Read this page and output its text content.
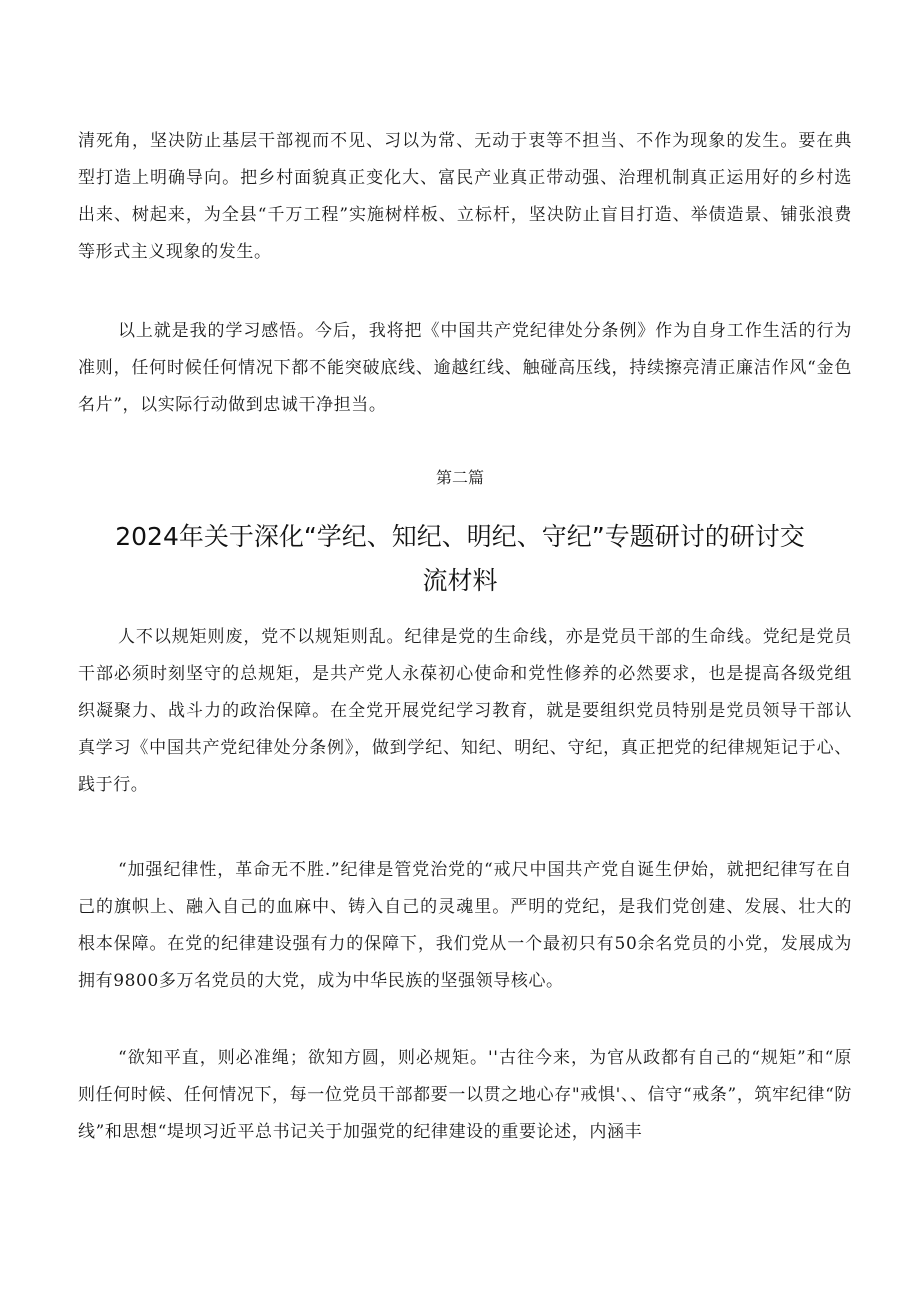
清死角，坚决防止基层干部视而不见、习以为常、无动于衷等不担当、不作为现象的发生。要在典型打造上明确导向。把乡村面貌真正变化大、富民产业真正带动强、治理机制真正运用好的乡村选出来、树起来，为全县“千万工程”实施树样板、立标杆，坚决防止盲目打造、举债造景、铺张浪费等形式主义现象的发生。

以上就是我的学习感悟。今后，我将把《中国共产党纪律处分条例》作为自身工作生活的行为准则，任何时候任何情况下都不能突破底线、逾越红线、触碰高压线，持续擦亮清正廉洁作风“金色名片”，以实际行动做到忠诚干净担当。

第二篇

2024年关于深化“学纪、知纪、明纪、守纪”专题研讨的研讨交流材料

人不以规矩则废，党不以规矩则乱。纪律是党的生命线，亦是党员干部的生命线。党纪是党员干部必须时刻坚守的总规矩，是共产党人永葆初心使命和党性修养的必然要求，也是提高各级党组织凝聚力、战斗力的政治保障。在全党开展党纪学习教育，就是要组织党员特别是党员领导干部认真学习《中国共产党纪律处分条例》，做到学纪、知纪、明纪、守纪，真正把党的纪律规矩记于心、践于行。

“加强纪律性，革命无不胜.”纪律是管党治党的“戒尺中国共产党自诞生伊始，就把纪律写在自己的旗帜上、融入自己的血麻中、铸入自己的灵魂里。严明的党纪，是我们党创建、发展、壮大的根本保障。在党的纪律建设强有力的保障下，我们党从一个最初只有50余名党员的小党，发展成为拥有9800多万名党员的大党，成为中华民族的坚强领导核心。

“欲知平直，则必准绳；欲知方圆，则必规矩。''古往今来，为官从政都有自己的“规矩”和“原则任何时候、任何情况下，每一位党员干部都要一以贯之地心存"戒惧'、、信守“戒条”，筑牢纪律“防线”和思想“堤坝习近平总书记关于加强党的纪律建设的重要论述，内涵丰
